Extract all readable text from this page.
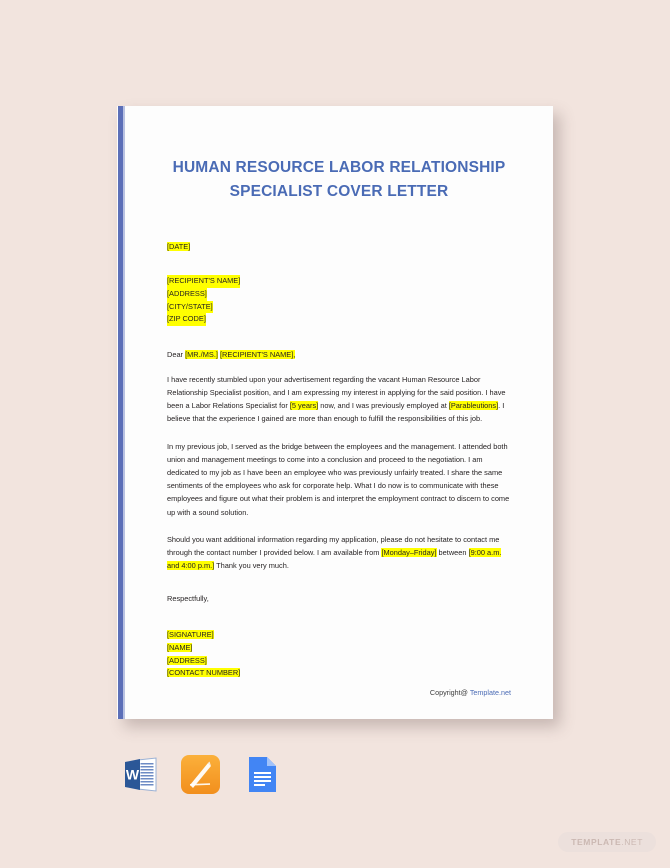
HUMAN RESOURCE LABOR RELATIONSHIP
SPECIALIST COVER LETTER

[DATE]

[RECIPIENT'S NAME]
[ADDRESS]
[CITY/STATE]
[ZIP CODE]

Dear [MR./MS.] [RECIPIENT'S NAME],

I have recently stumbled upon your advertisement regarding the vacant Human Resource Labor Relationship Specialist position, and I am expressing my interest in applying for the said position. I have been a Labor Relations Specialist for [5 years] now, and I was previously employed at [Parableutions]. I believe that the experience I gained are more than enough to fulfill the responsibilities of this job.

In my previous job, I served as the bridge between the employees and the management. I attended both union and management meetings to come into a conclusion and proceed to the negotiation. I am dedicated to my job as I have been an employee who was previously unfairly treated. I share the same sentiments of the employees who ask for corporate help. What I do now is to communicate with these employees and figure out what their problem is and interpret the employment contract to discern to come up with a sound solution.

Should you want additional information regarding my application, please do not hesitate to contact me through the contact number I provided below. I am available from [Monday–Friday] between [9:00 a.m. and 4:00 p.m.] Thank you very much.

Respectfully,

[SIGNATURE]
[NAME]
[ADDRESS]
[CONTACT NUMBER]

Copyright@ Template.net
W
TEMPLATE.NET
